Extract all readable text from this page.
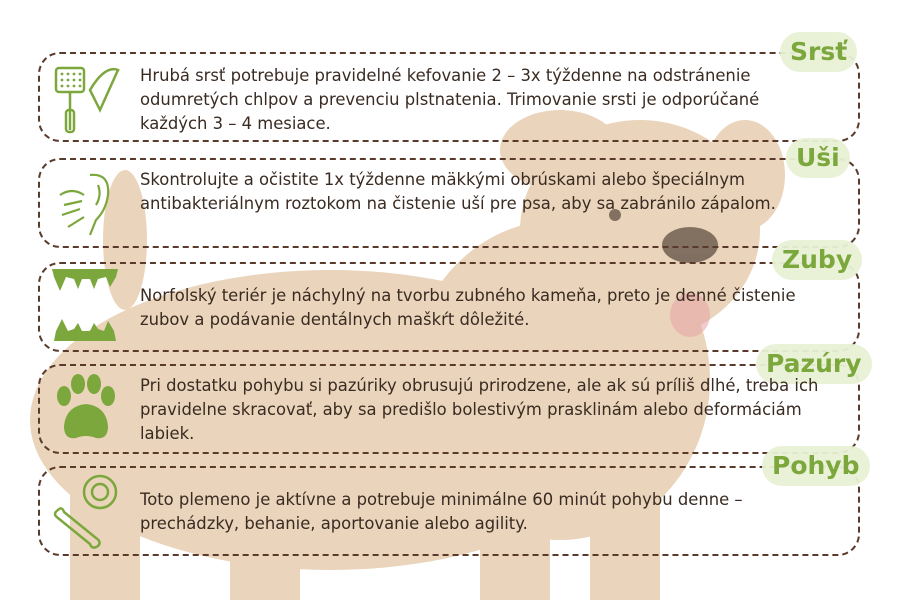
Srsť
Hrubá srsť potrebuje pravidelné kefovanie 2 – 3x týždenne na odstránenie odumretých chlpov a prevenciu plstnatenia. Trimovanie srsti je odporúčané každých 3 – 4 mesiace.
Uši
Skontrolujte a očistite 1x týždenne mäkkými obrúskami alebo špeciálnym antibakteriálnym roztokom na čistenie uší pre psa, aby sa zabránilo zápalom.
Zuby
Norfolský teriér je náchylný na tvorbu zubného kameňa, preto je denné čistenie zubov a podávanie dentálnych maškŕt dôležité.
Pazúry
Pri dostatku pohybu si pazúriky obrusujú prirodzene, ale ak sú príliš dlhé, treba ich pravidelne skracovať, aby sa predišlo bolestivým prasklinám alebo deformáciám labiek.
Pohyb
Toto plemeno je aktívne a potrebuje minimálne 60 minút pohybu denne – prechádzky, behanie, aportovanie alebo agility.
